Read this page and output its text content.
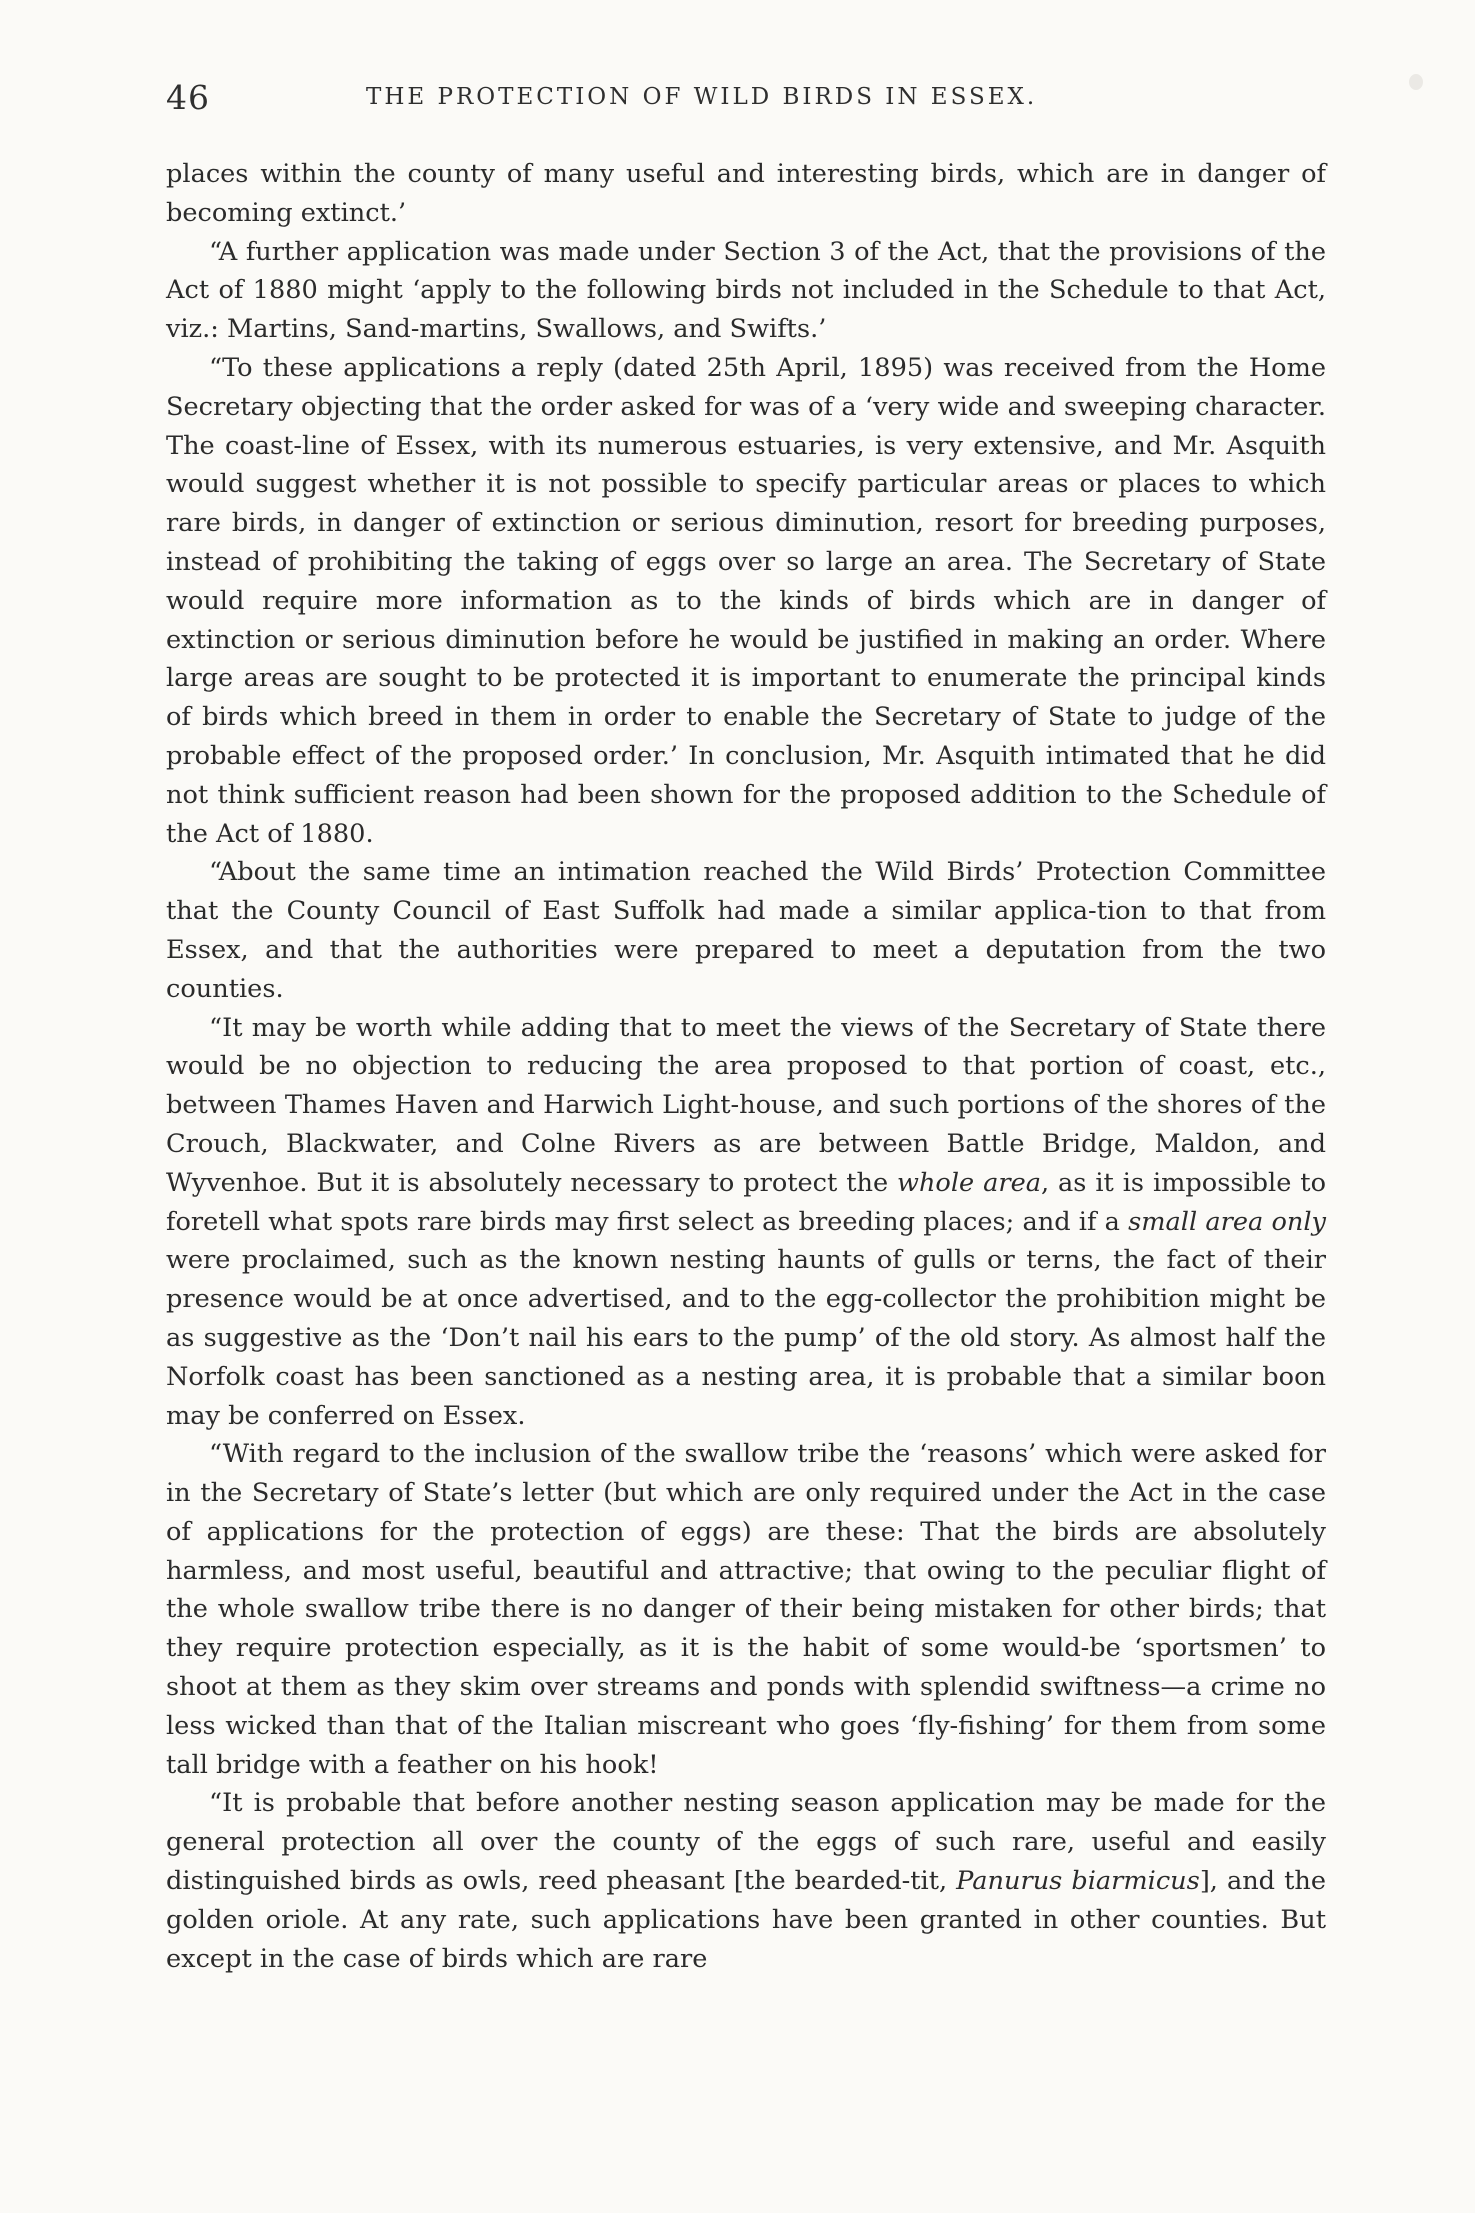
46	THE PROTECTION OF WILD BIRDS IN ESSEX.

places within the county of many useful and interesting birds, which are in danger of becoming extinct.’

“A further application was made under Section 3 of the Act, that the provisions of the Act of 1880 might ‘apply to the following birds not included in the Schedule to that Act, viz.: Martins, Sand-martins, Swallows, and Swifts.’

“To these applications a reply (dated 25th April, 1895) was received from the Home Secretary objecting that the order asked for was of a ‘very wide and sweeping character. The coast-line of Essex, with its numerous estuaries, is very extensive, and Mr. Asquith would suggest whether it is not possible to specify particular areas or places to which rare birds, in danger of extinction or serious diminution, resort for breeding purposes, instead of prohibiting the taking of eggs over so large an area. The Secretary of State would require more information as to the kinds of birds which are in danger of extinction or serious diminution before he would be justified in making an order. Where large areas are sought to be protected it is important to enumerate the principal kinds of birds which breed in them in order to enable the Secretary of State to judge of the probable effect of the proposed order.’ In conclusion, Mr. Asquith intimated that he did not think sufficient reason had been shown for the proposed addition to the Schedule of the Act of 1880.

“About the same time an intimation reached the Wild Birds’ Protection Committee that the County Council of East Suffolk had made a similar applica-tion to that from Essex, and that the authorities were prepared to meet a deputation from the two counties.

“It may be worth while adding that to meet the views of the Secretary of State there would be no objection to reducing the area proposed to that portion of coast, etc., between Thames Haven and Harwich Light-house, and such portions of the shores of the Crouch, Blackwater, and Colne Rivers as are between Battle Bridge, Maldon, and Wyvenhoe. But it is absolutely necessary to protect the whole area, as it is impossible to foretell what spots rare birds may first select as breeding places; and if a small area only were proclaimed, such as the known nesting haunts of gulls or terns, the fact of their presence would be at once advertised, and to the egg-collector the prohibition might be as suggestive as the ‘Don’t nail his ears to the pump’ of the old story. As almost half the Norfolk coast has been sanctioned as a nesting area, it is probable that a similar boon may be conferred on Essex.

“With regard to the inclusion of the swallow tribe the ‘reasons’ which were asked for in the Secretary of State’s letter (but which are only required under the Act in the case of applications for the protection of eggs) are these: That the birds are absolutely harmless, and most useful, beautiful and attractive; that owing to the peculiar flight of the whole swallow tribe there is no danger of their being mistaken for other birds; that they require protection especially, as it is the habit of some would-be ‘sportsmen’ to shoot at them as they skim over streams and ponds with splendid swiftness—a crime no less wicked than that of the Italian miscreant who goes ‘fly-fishing’ for them from some tall bridge with a feather on his hook!

“It is probable that before another nesting season application may be made for the general protection all over the county of the eggs of such rare, useful and easily distinguished birds as owls, reed pheasant [the bearded-tit, Panurus biarmicus], and the golden oriole. At any rate, such applications have been granted in other counties. But except in the case of birds which are rare
